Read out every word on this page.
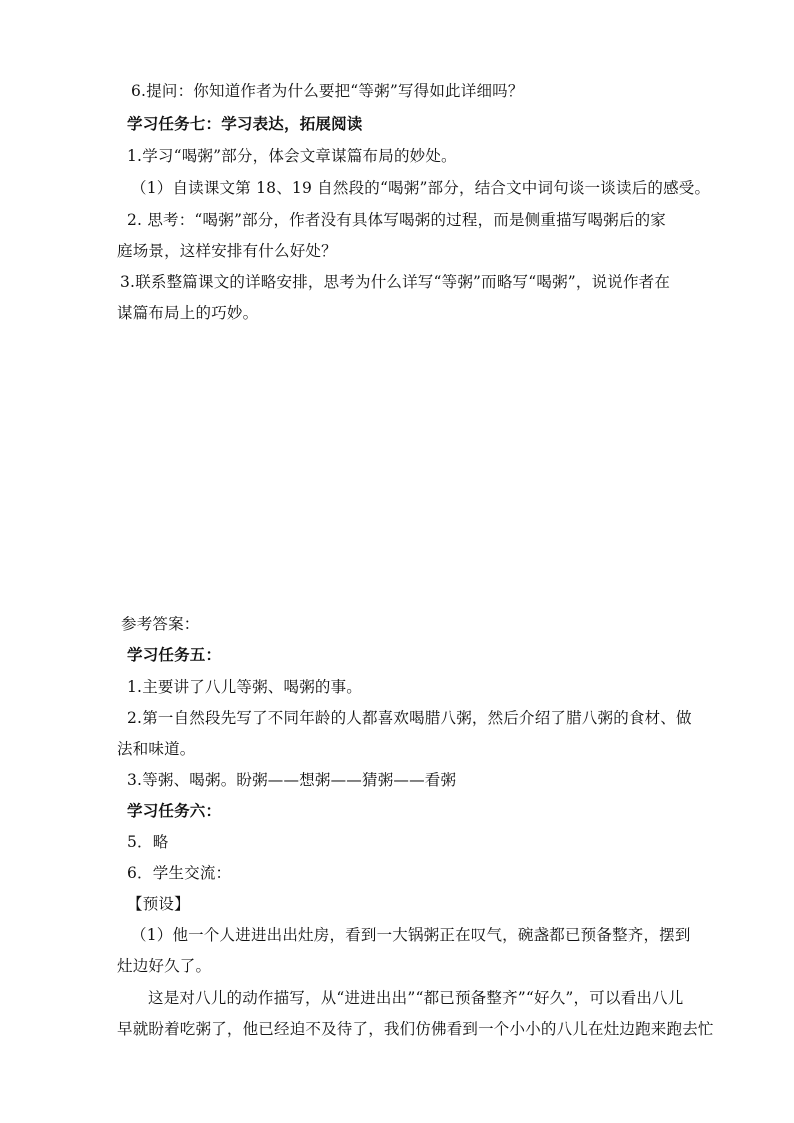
6.提问：你知道作者为什么要把“等粥”写得如此详细吗？
学习任务七：学习表达，拓展阅读
1.学习“喝粥”部分，体会文章谋篇布局的妙处。
（1）自读课文第 18、19 自然段的“喝粥”部分，结合文中词句谈一谈读后的感受。
2. 思考：“喝粥”部分，作者没有具体写喝粥的过程，而是侧重描写喝粥后的家
庭场景，这样安排有什么好处？
3.联系整篇课文的详略安排，思考为什么详写“等粥”而略写“喝粥”，说说作者在
谋篇布局上的巧妙。
参考答案：
学习任务五：
1.主要讲了八儿等粥、喝粥的事。
2.第一自然段先写了不同年龄的人都喜欢喝腊八粥，然后介绍了腊八粥的食材、做
法和味道。
3.等粥、喝粥。盼粥——想粥——猜粥——看粥
学习任务六：
5．略
6．学生交流：
【预设】
（1）他一个人进进出出灶房，看到一大锅粥正在叹气，碗盏都已预备整齐，摆到
灶边好久了。
这是对八儿的动作描写，从“进进出出”“都已预备整齐”“好久”，可以看出八儿
早就盼着吃粥了，他已经迫不及待了，我们仿佛看到一个小小的八儿在灶边跑来跑去忙
